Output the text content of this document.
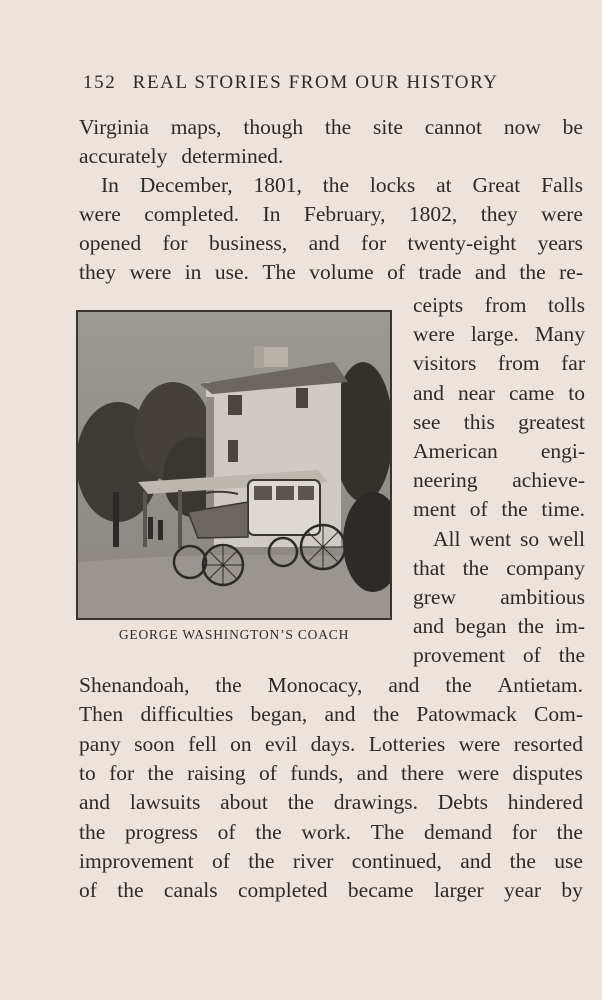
152 REAL STORIES FROM OUR HISTORY
Virginia maps, though the site cannot now be
accurately determined.
In December, 1801, the locks at Great Falls
were completed. In February, 1802, they were
opened for business, and for twenty-eight years
they were in use. The volume of trade and the re-
ceipts from tolls
were large. Many
visitors from far
and near came to
see this greatest
American engi-
neering achieve-
ment of the time.
All went so well
that the company
grew ambitious
and began the im-
provement of the
Shenandoah, the Monocacy, and the Antietam.
Then difficulties began, and the Patowmack Com-
pany soon fell on evil days. Lotteries were resorted
to for the raising of funds, and there were disputes
and lawsuits about the drawings. Debts hindered
the progress of the work. The demand for the
improvement of the river continued, and the use
of the canals completed became larger year by
GEORGE WASHINGTON’S COACH
